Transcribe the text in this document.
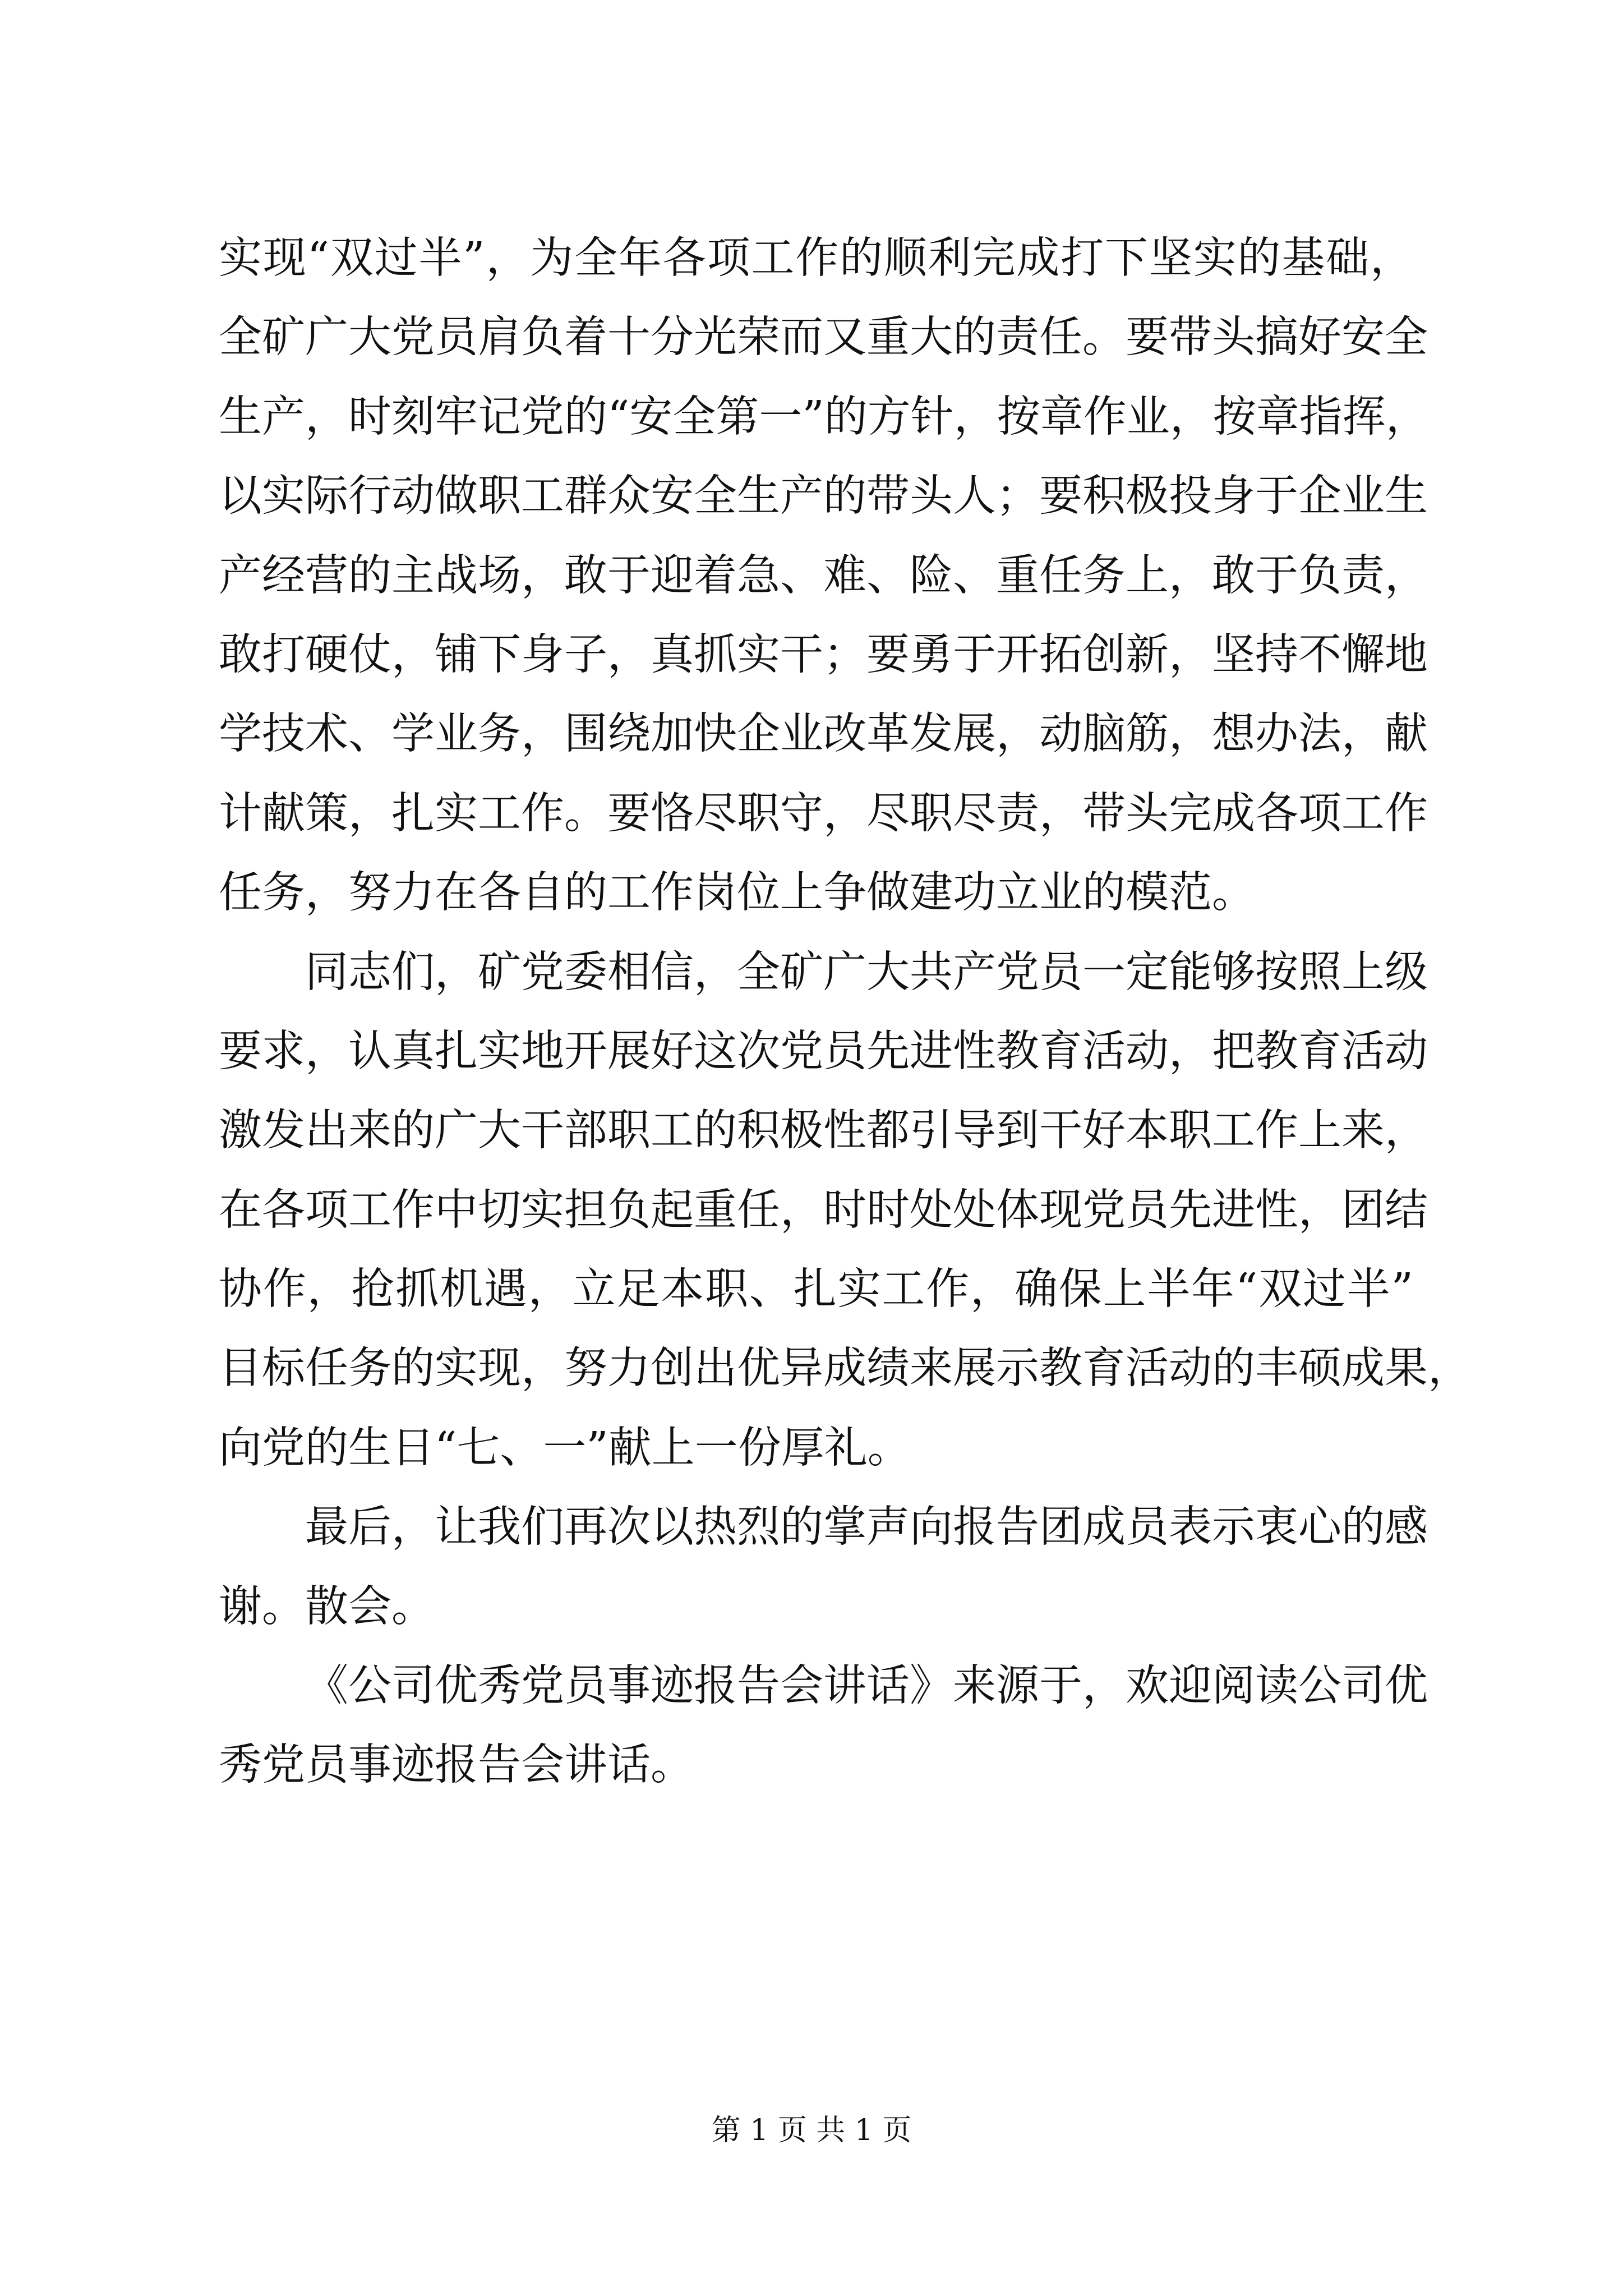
实现“双过半”，为全年各项工作的顺利完成打下坚实的基础，
全矿广大党员肩负着十分光荣而又重大的责任。要带头搞好安全
生产，时刻牢记党的“安全第一”的方针，按章作业，按章指挥，
以实际行动做职工群众安全生产的带头人；要积极投身于企业生
产经营的主战场，敢于迎着急、难、险、重任务上，敢于负责，
敢打硬仗，铺下身子，真抓实干；要勇于开拓创新，坚持不懈地
学技术、学业务，围绕加快企业改革发展，动脑筋，想办法，献
计献策，扎实工作。要恪尽职守，尽职尽责，带头完成各项工作
任务，努力在各自的工作岗位上争做建功立业的模范。
同志们，矿党委相信，全矿广大共产党员一定能够按照上级
要求，认真扎实地开展好这次党员先进性教育活动，把教育活动
激发出来的广大干部职工的积极性都引导到干好本职工作上来，
在各项工作中切实担负起重任，时时处处体现党员先进性，团结
协作，抢抓机遇，立足本职、扎实工作，确保上半年“双过半”
目标任务的实现，努力创出优异成绩来展示教育活动的丰硕成果，
向党的生日“七、一”献上一份厚礼。
最后，让我们再次以热烈的掌声向报告团成员表示衷心的感
谢。散会。
《公司优秀党员事迹报告会讲话》来源于，欢迎阅读公司优
秀党员事迹报告会讲话。
第 1 页 共 1 页
